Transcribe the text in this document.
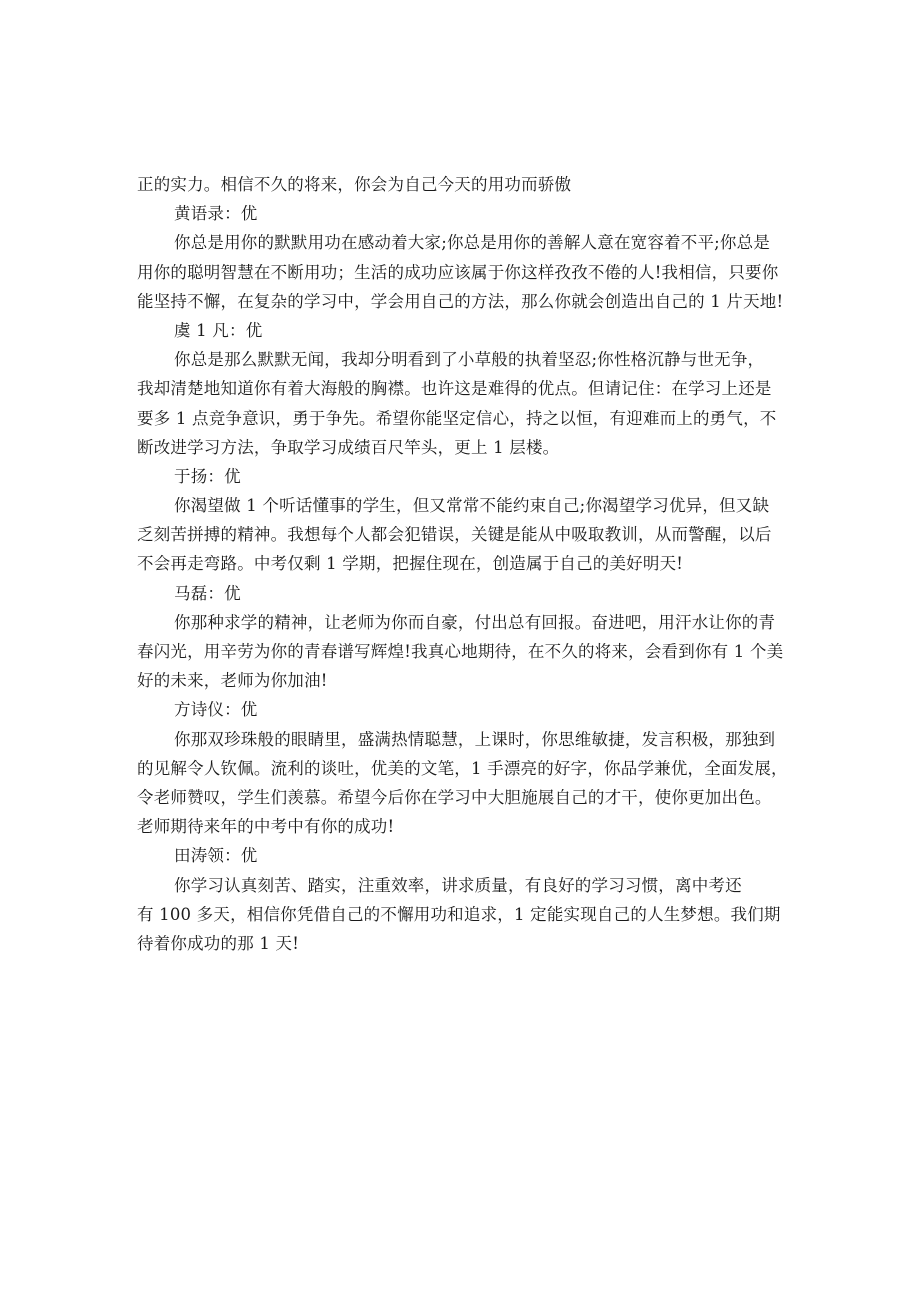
正的实力。相信不久的将来，你会为自己今天的用功而骄傲
黄语录：优
你总是用你的默默用功在感动着大家;你总是用你的善解人意在宽容着不平;你总是
用你的聪明智慧在不断用功；生活的成功应该属于你这样孜孜不倦的人!我相信，只要你
能坚持不懈，在复杂的学习中，学会用自己的方法，那么你就会创造出自己的 1 片天地!
虞 1 凡：优
你总是那么默默无闻，我却分明看到了小草般的执着坚忍;你性格沉静与世无争，
我却清楚地知道你有着大海般的胸襟。也许这是难得的优点。但请记住：在学习上还是
要多 1 点竞争意识，勇于争先。希望你能坚定信心，持之以恒，有迎难而上的勇气，不
断改进学习方法，争取学习成绩百尺竿头，更上 1 层楼。
于扬：优
你渴望做 1 个听话懂事的学生，但又常常不能约束自己;你渴望学习优异，但又缺
乏刻苦拼搏的精神。我想每个人都会犯错误，关键是能从中吸取教训，从而警醒，以后
不会再走弯路。中考仅剩 1 学期，把握住现在，创造属于自己的美好明天!
马磊：优
你那种求学的精神，让老师为你而自豪，付出总有回报。奋进吧，用汗水让你的青
春闪光，用辛劳为你的青春谱写辉煌!我真心地期待，在不久的将来，会看到你有 1 个美
好的未来，老师为你加油!
方诗仪：优
你那双珍珠般的眼睛里，盛满热情聪慧，上课时，你思维敏捷，发言积极，那独到
的见解令人钦佩。流利的谈吐，优美的文笔，1 手漂亮的好字，你品学兼优，全面发展，
令老师赞叹，学生们羡慕。希望今后你在学习中大胆施展自己的才干，使你更加出色。
老师期待来年的中考中有你的成功!
田涛领：优
你学习认真刻苦、踏实，注重效率，讲求质量，有良好的学习习惯，离中考还
有 100 多天，相信你凭借自己的不懈用功和追求，1 定能实现自己的人生梦想。我们期
待着你成功的那 1 天!
